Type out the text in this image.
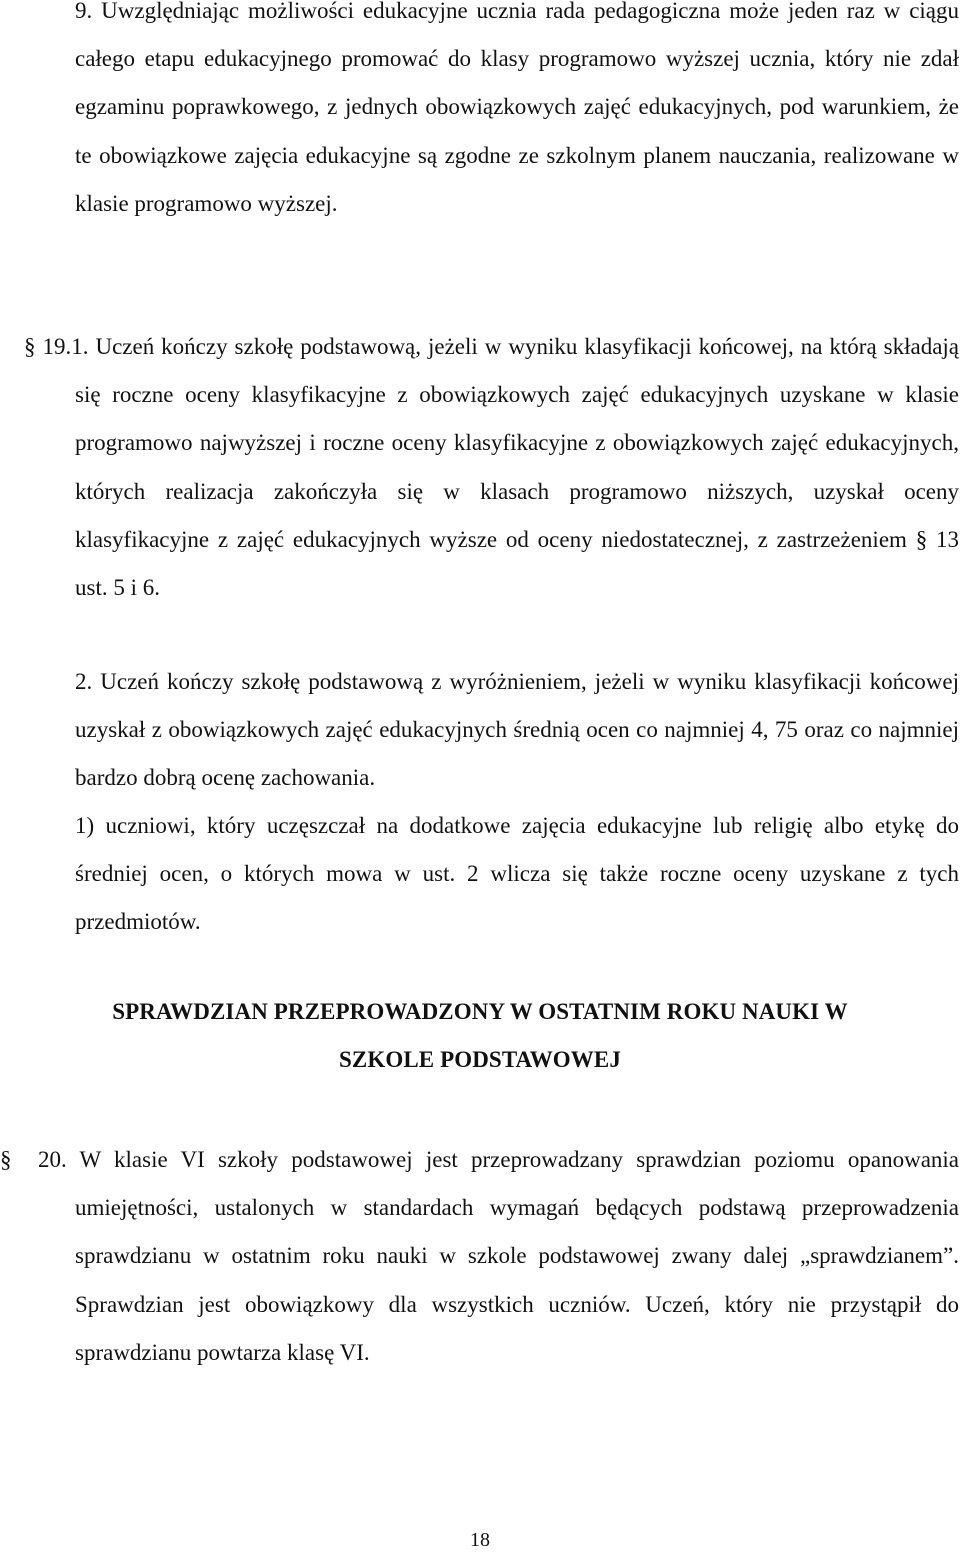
9. Uwzględniając możliwości edukacyjne ucznia rada pedagogiczna może jeden raz w ciągu całego etapu edukacyjnego promować do klasy programowo wyższej ucznia, który nie zdał egzaminu poprawkowego, z jednych obowiązkowych zajęć edukacyjnych, pod warunkiem, że te obowiązkowe zajęcia edukacyjne są zgodne ze szkolnym planem nauczania, realizowane w klasie programowo wyższej.

§ 19.1. Uczeń kończy szkołę podstawową, jeżeli w wyniku klasyfikacji końcowej, na którą składają się roczne oceny klasyfikacyjne z obowiązkowych zajęć edukacyjnych uzyskane w klasie programowo najwyższej i roczne oceny klasyfikacyjne z obowiązkowych zajęć edukacyjnych, których realizacja zakończyła się w klasach programowo niższych, uzyskał oceny klasyfikacyjne z zajęć edukacyjnych wyższe od oceny niedostatecznej, z zastrzeżeniem § 13 ust. 5 i 6.

2. Uczeń kończy szkołę podstawową z wyróżnieniem, jeżeli w wyniku klasyfikacji końcowej uzyskał z obowiązkowych zajęć edukacyjnych średnią ocen co najmniej 4, 75 oraz co najmniej bardzo dobrą ocenę zachowania.

1) uczniowi, który uczęszczał na dodatkowe zajęcia edukacyjne lub religię albo etykę do średniej ocen, o których mowa w ust. 2 wlicza się także roczne oceny uzyskane z tych przedmiotów.

SPRAWDZIAN PRZEPROWADZONY W OSTATNIM ROKU NAUKI W
SZKOLE PODSTAWOWEJ

§ 20. W klasie VI szkoły podstawowej jest przeprowadzany sprawdzian poziomu opanowania umiejętności, ustalonych w standardach wymagań będących podstawą przeprowadzenia sprawdzianu w ostatnim roku nauki w szkole podstawowej zwany dalej „sprawdzianem”. Sprawdzian jest obowiązkowy dla wszystkich uczniów. Uczeń, który nie przystąpił do sprawdzianu powtarza klasę VI.

18
